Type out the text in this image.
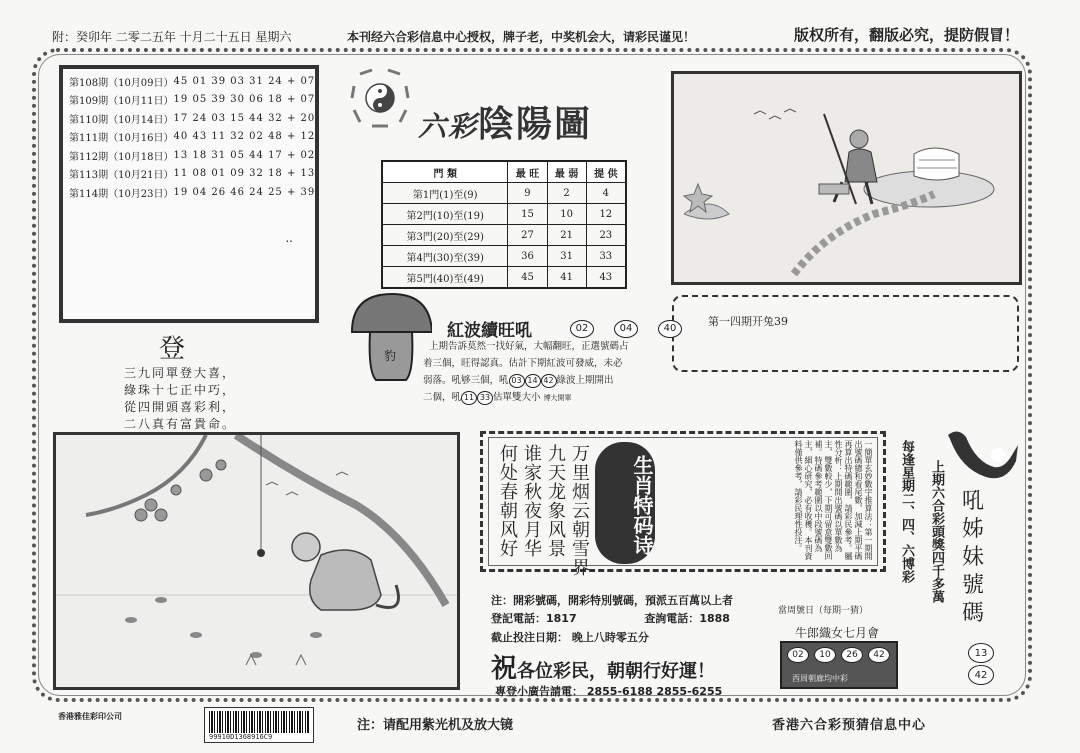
附：癸卯年 二零二五年 十月二十五日 星期六	本刊经六合彩信息中心授权，牌子老，中奖机会大，请彩民谨见！	版权所有，翻版必究，提防假冒！
第108期（10月09日） 45 01 39 03 31 24 + 07
第109期（10月11日） 19 05 39 30 06 18 + 07
第110期（10月14日） 17 24 03 15 44 32 + 20
第111期（10月16日） 40 43 11 32 02 48 + 12
第112期（10月18日） 13 18 31 05 44 17 + 02
第113期（10月21日） 11 08 01 09 32 18 + 13
第114期（10月23日） 19 04 26 46 24 25 + 39
..
六彩陰陽圖
門 類	最 旺	最 弱	提 供
第1門(1)至(9)	9	2	4
第2門(10)至(19)	15	10	12
第3門(20)至(29)	27	21	23
第4門(30)至(39)	36	31	33
第5門(40)至(49)	45	41	43
第一四期开兔39
豹
紅波續旺吼	02	04	40
上期告訴莫然一找好氣，大幅翻旺，正選號碼占
着三個，旺得認真。估計下期紅波可發威，未必
弱落。吼够三個，吼 03 14 42 綠波上期開出
二個，吼 11 33 估單雙大小 博大開單
登
三九同單登大喜，
綠珠十七正中巧，
從四開頭喜彩利，
二八真有富貴命。
万里烟云朝雪界
九天龙象风景
谁家秋夜月华
何处春朝风好	生肖特码诗	一簡單玄妙數字推算法：第一期開出號碼總和看尾數，加減上期平碼再算出特碼範圍，請彩民參考。屬性分析：上期開出號碼以單數為主，雙數較少，下期可留意雙數回補。特碼參考範圍以中段號碼為主，細心研究，必有收穫。本刊資料僅供參考，請彩民理性投注。	每逢星期二、四、六博彩 上期六合彩頭獎四千多萬 吼
姊
妹
號
碼
13
42
注：開彩號碼，開彩特別號碼，預派五百萬以上者
登記電話：1817	查詢電話：1888
截止投注日期： 晚上八時零五分
祝各位彩民，朝朝行好運！
專登小廣告請電： 2855-6188 2855-6255
當周號日（每期一猜）
牛郎織女七月會
02	10	26	42
西周朝廊均中彩
香港雅佳彩印公司
99910D1368916C9
注：请配用紫光机及放大镜	香港六合彩预猜信息中心
